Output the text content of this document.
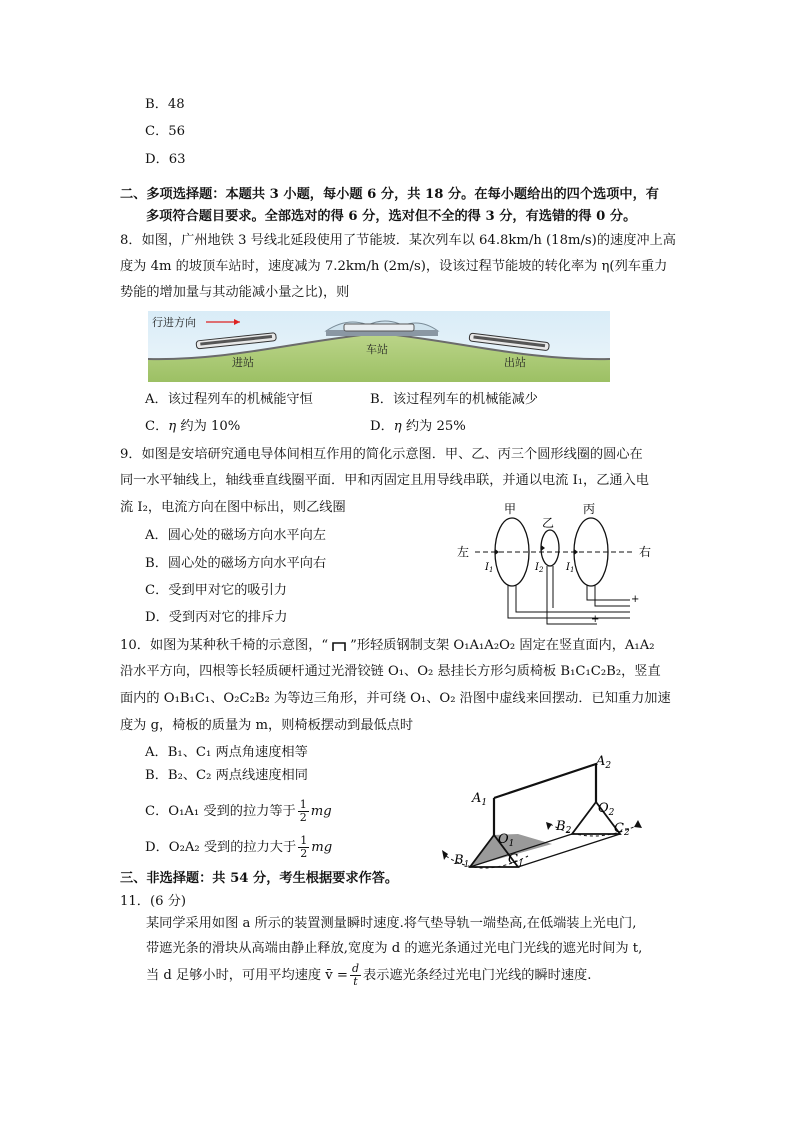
B．48
C．56
D．63
二、多项选择题：本题共 3 小题，每小题 6 分，共 18 分。在每小题给出的四个选项中，有
多项符合题目要求。全部选对的得 6 分，选对但不全的得 3 分，有选错的得 0 分。
8．如图，广州地铁 3 号线北延段使用了节能坡．某次列车以 64.8km/h (18m/s)的速度冲上高
度为 4m 的坡顶车站时，速度减为 7.2km/h (2m/s)，设该过程节能坡的转化率为 η(列车重力
势能的增加量与其动能减小量之比)，则
行进方向
进站
车站
出站
A．该过程列车的机械能守恒	B．该过程列车的机械能减少
C．η 约为 10%	D．η 约为 25%
9．如图是安培研究通电导体间相互作用的简化示意图．甲、乙、丙三个圆形线圈的圆心在
同一水平轴线上，轴线垂直线圈平面．甲和丙固定且用导线串联，并通以电流 I₁，乙通入电
流 I₂，电流方向在图中标出，则乙线圈
A．圆心处的磁场方向水平向左
B．圆心处的磁场方向水平向右
C．受到甲对它的吸引力
D．受到丙对它的排斥力
甲
乙
丙
左	右
$I_1$	$I_2$ $I_1$
+
+
10．如图为某种秋千椅的示意图，“ ”形轻质钢制支架 O₁A₁A₂O₂ 固定在竖直面内，A₁A₂
沿水平方向，四根等长轻质硬杆通过光滑铰链 O₁、O₂ 悬挂长方形匀质椅板 B₁C₁C₂B₂，竖直
面内的 O₁B₁C₁、O₂C₂B₂ 为等边三角形，并可绕 O₁、O₂ 沿图中虚线来回摆动．已知重力加速
度为 g，椅板的质量为 m，则椅板摆动到最低点时
A．B₁、C₁ 两点角速度相等
B．B₂、C₂ 两点线速度相同
C．O₁A₁ 受到的拉力等于 $\frac{1}{2}$ mg
D．O₂A₂ 受到的拉力大于 $\frac{1}{2}$ mg
$A_1$
$A_2$
$O_1$
$O_2$
$B_1$	$C_1$
$B_2$	$C_2$
三、非选择题：共 54 分，考生根据要求作答。
11．(6 分)
某同学采用如图 a 所示的装置测量瞬时速度.将气垫导轨一端垫高,在低端装上光电门,
带遮光条的滑块从高端由静止释放,宽度为 d 的遮光条通过光电门光线的遮光时间为 t,
当 d 足够小时，可用平均速度 v̄ = $\frac{d}{t}$ 表示遮光条经过光电门光线的瞬时速度.
